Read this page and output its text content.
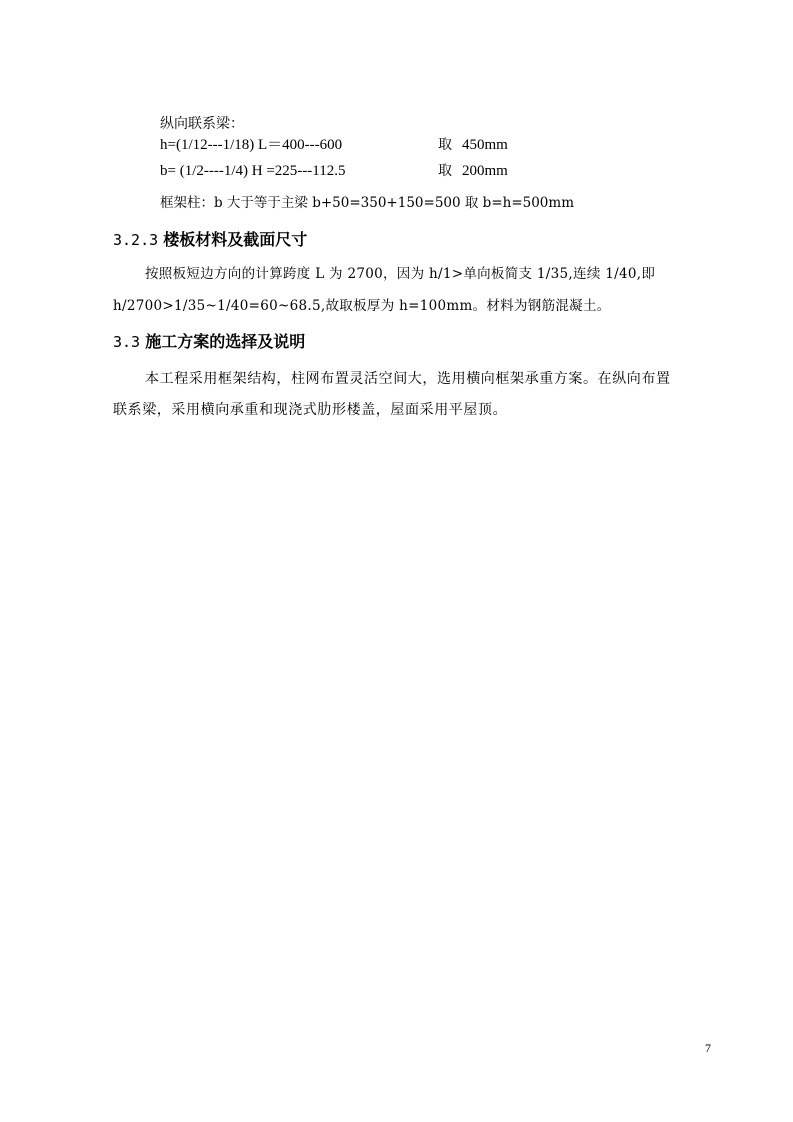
纵向联系梁：
h=(1/12---1/18) L＝400---600	取 450mm
b= (1/2----1/4) H =225---112.5	取 200mm
框架柱：b 大于等于主梁 b+50=350+150=500 取 b=h=500mm
3.2.3 楼板材料及截面尺寸
按照板短边方向的计算跨度 L 为 2700，因为 h/1>单向板简支 1/35,连续 1/40,即
h/2700>1/35~1/40=60~68.5,故取板厚为 h=100mm。材料为钢筋混凝土。
3.3 施工方案的选择及说明
本工程采用框架结构，柱网布置灵活空间大，选用横向框架承重方案。在纵向布置
联系梁，采用横向承重和现浇式肋形楼盖，屋面采用平屋顶。
7
